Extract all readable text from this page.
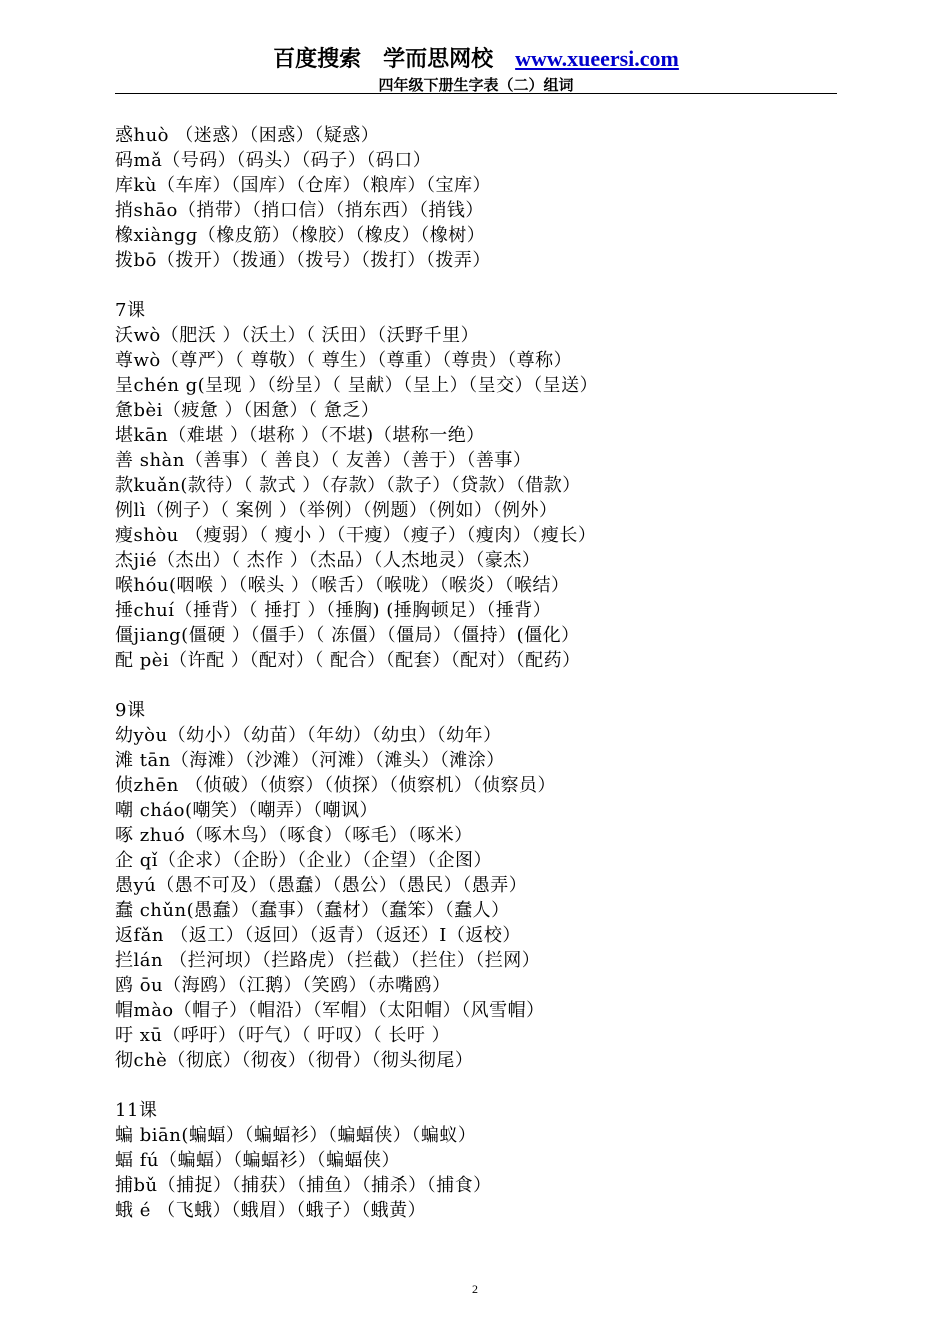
百度搜索 学而思网校 www.xueersi.com
四年级下册生字表（二）组词
惑huò （迷惑）（困惑）（疑惑）
码mǎ（号码）（码头）（码子）（码口）
库kù（车库）（国库）（仓库）（粮库）（宝库）
捎shāo（捎带）（捎口信）（捎东西）（捎钱）
橡xiàngɡ（橡皮筋）（橡胶）（橡皮）（橡树）
拨bō（拨开）（拨通）（拨号）（拨打）（拨弄）
7课
沃wò（肥沃 ）（沃土）（ 沃田）（沃野千里）
尊wò（尊严）（ 尊敬）（ 尊生）（尊重）（尊贵）（尊称）
呈chén g(呈现 ）（纷呈）（ 呈献）（呈上）（呈交）（呈送）
惫bèi（疲惫 ）（困惫）（ 惫乏）
堪kān（难堪 ）（堪称 ）（不堪)（堪称一绝）
善 shàn（善事）（ 善良）（ 友善）（善于）（善事）
款kuǎn(款待）（ 款式 ）（存款）（款子）（贷款）（借款）
例lì（例子）（ 案例 ）（举例）（例题）（例如）（例外）
瘦shòu （瘦弱）（ 瘦小 ）（干瘦）（瘦子）（瘦肉）（瘦长）
杰jié（杰出）（ 杰作 ）（杰品）（人杰地灵）（豪杰）
喉hóu(咽喉 ）（喉头 ）（喉舌）（喉咙）（喉炎）（喉结）
捶chuí（捶背）（ 捶打 ）（捶胸) (捶胸顿足）（捶背）
僵jiang(僵硬 ）（僵手）（ 冻僵）（僵局）（僵持）(僵化）
配 pèi（许配 ）（配对）（ 配合）（配套）（配对）（配药）
9课
幼yòu（幼小）（幼苗）（年幼）（幼虫）（幼年）
滩 tān（海滩）（沙滩）（河滩）（滩头）（滩涂）
侦zhēn （侦破）（侦察）（侦探）（侦察机）（侦察员）
嘲 cháo(嘲笑）（嘲弄）（嘲讽）
啄 zhuó（啄木鸟）（啄食）（啄毛）（啄米）
企 qǐ（企求）（企盼）（企业）（企望）（企图）
愚yú（愚不可及）（愚蠢）（愚公）（愚民）（愚弄）
蠢 chǔn(愚蠢）（蠢事）（蠢材）（蠢笨）（蠢人）
返fǎn （返工）（返回）（返青）（返还）I（返校）
拦lán （拦河坝）（拦路虎）（拦截）（拦住）（拦网）
鸥 ōu（海鸥）（江鹅）（笑鸥）（赤嘴鸥）
帽mào（帽子）（帽沿）（军帽）（太阳帽）（风雪帽）
吁 xū（呼吁）（吁气）（ 吁叹）（ 长吁 ）
彻chè（彻底）（彻夜）（彻骨）（彻头彻尾）
11课
蝙 biān(蝙蝠）（蝙蝠衫）（蝙蝠侠）（蝙蚁）
蝠 fú（蝙蝠）（蝙蝠衫）（蝙蝠侠）
捕bǔ（捕捉）（捕获）（捕鱼）（捕杀）（捕食）
蛾 é （飞蛾）（蛾眉）（蛾子）（蛾黄）
2
